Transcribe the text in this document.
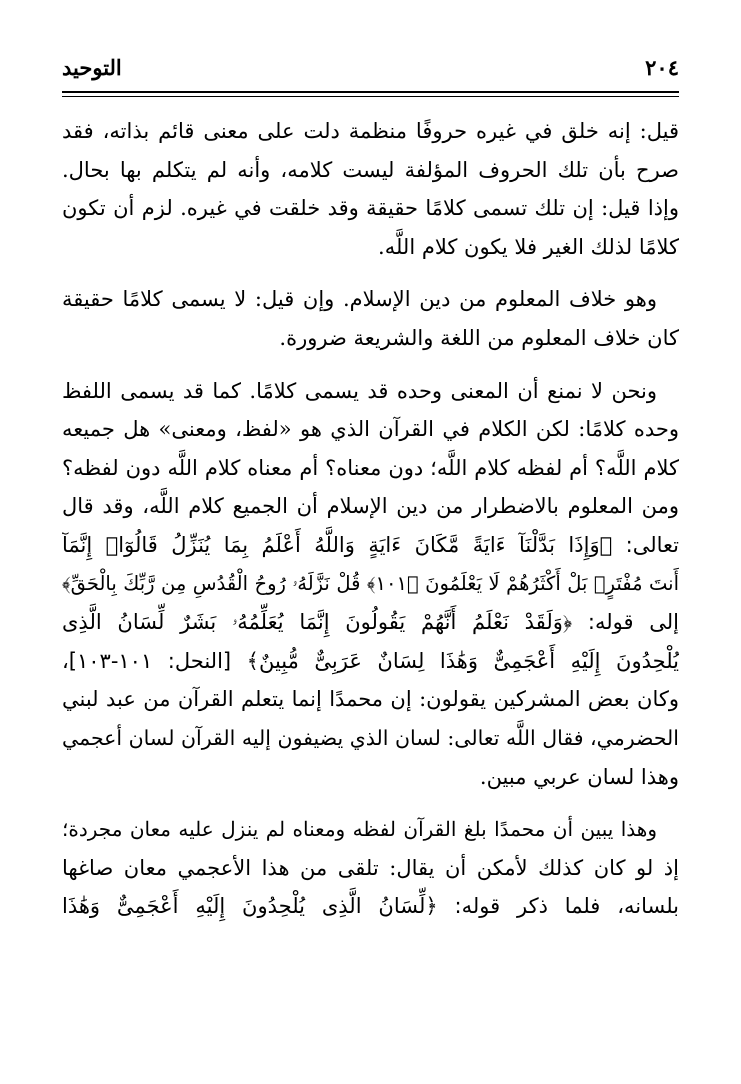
٢٠٤
التوحيد
قيل: إنه خلق في غيره حروفًا منظمة دلت على معنى قائم بذاته، فقد
صرح بأن تلك الحروف المؤلفة ليست كلامه، وأنه لم يتكلم بها بحال.
وإذا قيل: إن تلك تسمى كلامًا حقيقة وقد خلقت في غيره. لزم أن تكون
كلامًا لذلك الغير فلا يكون كلام اللَّه.
وهو خلاف المعلوم من دين الإسلام. وإن قيل: لا يسمى كلامًا حقيقة
كان خلاف المعلوم من اللغة والشريعة ضرورة.
ونحن لا نمنع أن المعنى وحده قد يسمى كلامًا. كما قد يسمى اللفظ
وحده كلامًا: لكن الكلام في القرآن الذي هو «لفظ، ومعنى» هل جميعه
كلام اللَّه؟ أم لفظه كلام اللَّه؛ دون معناه؟ أم معناه كلام اللَّه دون لفظه؟
ومن المعلوم بالاضطرار من دين الإسلام أن الجميع كلام اللَّه، وقد قال
تعالى: ﴿وَإِذَا بَدَّلْنَآ ءَايَةً مَّكَانَ ءَايَةٍ وَاللَّهُ أَعْلَمُ بِمَا يُنَزِّلُ قَالُوٓا۟ إِنَّمَآ
أَنتَ مُفْتَرٍۭ بَلْ أَكْثَرُهُمْ لَا يَعْلَمُونَ ﴿١٠١﴾ قُلْ نَزَّلَهُۥ رُوحُ الْقُدُسِ مِن رَّبِّكَ بِالْحَقِّ﴾
إلى قوله: ﴿وَلَقَدْ نَعْلَمُ أَنَّهُمْ يَقُولُونَ إِنَّمَا يُعَلِّمُهُۥ بَشَرٌ لِّسَانُ الَّذِى
يُلْحِدُونَ إِلَيْهِ أَعْجَمِىٌّ وَهَٰذَا لِسَانٌ عَرَبِىٌّ مُّبِينٌ﴾ [النحل: ١٠١-١٠٣]،
وكان بعض المشركين يقولون: إن محمدًا إنما يتعلم القرآن من عبد لبني
الحضرمي، فقال اللَّه تعالى: لسان الذي يضيفون إليه القرآن لسان أعجمي
وهذا لسان عربي مبين.
وهذا يبين أن محمدًا بلغ القرآن لفظه ومعناه لم ينزل عليه معان مجردة؛
إذ لو كان كذلك لأمكن أن يقال: تلقى من هذا الأعجمي معان صاغها
بلسانه، فلما ذكر قوله: ﴿لِّسَانُ الَّذِى يُلْحِدُونَ إِلَيْهِ أَعْجَمِىٌّ وَهَٰذَا
